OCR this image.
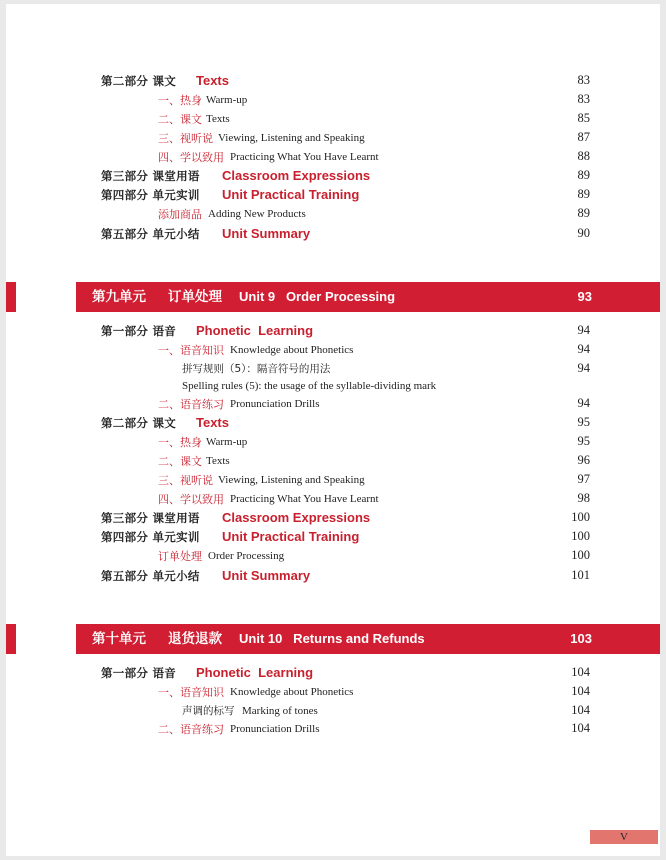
第二部分 课文 Texts	83
一、热身 Warm-up	83
二、课文 Texts	85
三、视听说 Viewing, Listening and Speaking	87
四、学以致用 Practicing What You Have Learnt	88
第三部分 课堂用语 Classroom Expressions	89
第四部分 单元实训 Unit Practical Training	89
添加商品 Adding New Products	89
第五部分 单元小结 Unit Summary	90
第九单元 订单处理 Unit 9   Order Processing	93
第一部分 语音 Phonetic  Learning	94
一、语音知识 Knowledge about Phonetics	94
拼写规则（5）：隔音符号的用法	94
Spelling rules (5): the usage of the syllable-dividing mark
二、语音练习 Pronunciation Drills	94
第二部分 课文 Texts	95
一、热身 Warm-up	95
二、课文 Texts	96
三、视听说 Viewing, Listening and Speaking	97
四、学以致用 Practicing What You Have Learnt	98
第三部分 课堂用语 Classroom Expressions	100
第四部分 单元实训 Unit Practical Training	100
订单处理 Order Processing	100
第五部分 单元小结 Unit Summary	101
第十单元 退货退款 Unit 10   Returns and Refunds	103
第一部分 语音 Phonetic  Learning	104
一、语音知识 Knowledge about Phonetics	104
声调的标写 Marking of tones	104
二、语音练习 Pronunciation Drills	104
V
